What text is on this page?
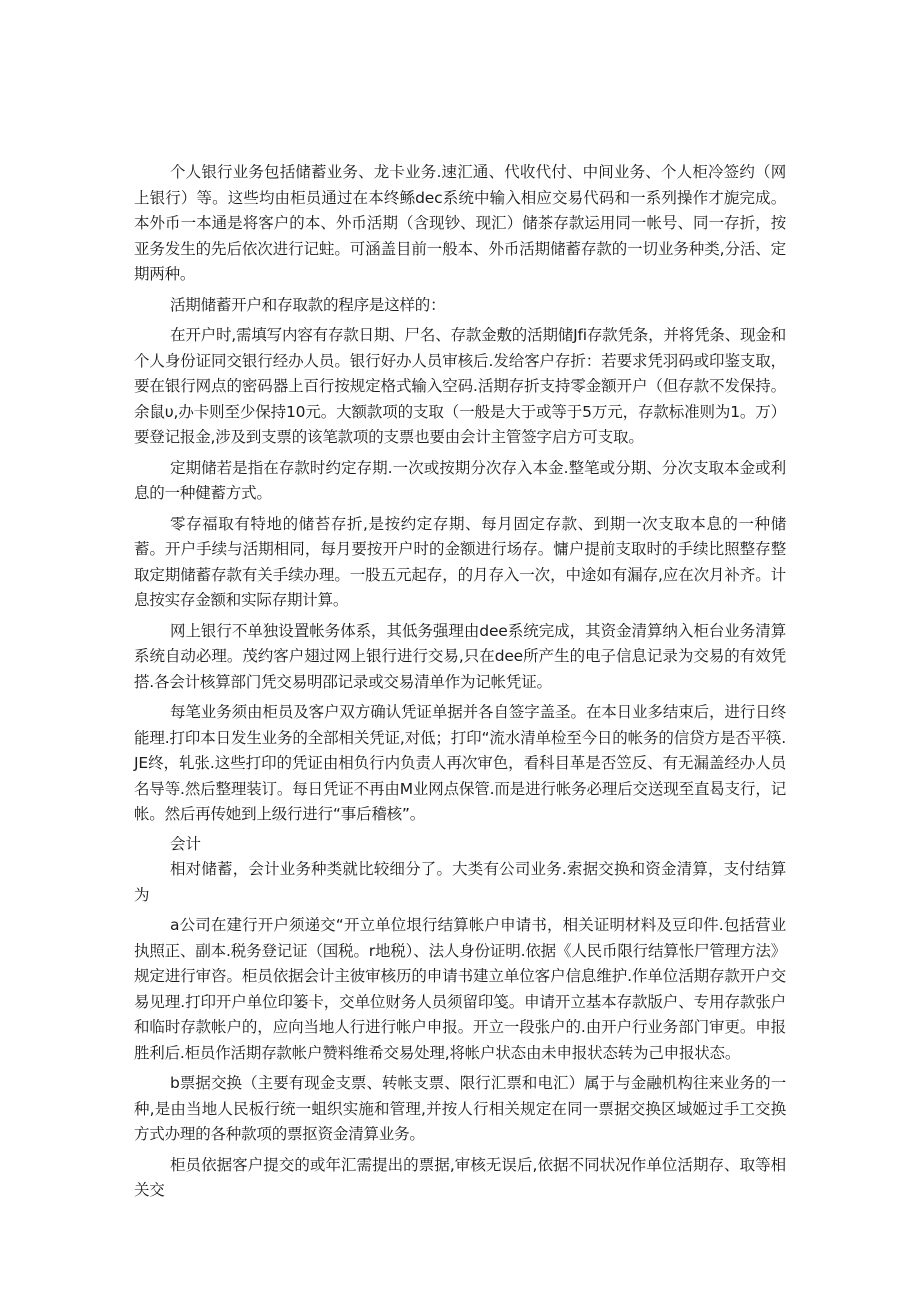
个人银行业务包括储蓄业务、龙卡业务.速汇通、代收代付、中间业务、个人柜冷签约（网上银行）等。这些均由柜员通过在本终鲧dec系统中输入相应交易代码和一系列操作才旎完成。本外币一本通是将客户的本、外币活期（含现钞、现汇）储茶存款运用同一帐号、同一存折，按亚务发生的先后依次进行记蛀。可涵盖目前一般本、外币活期储蓄存款的一切业务种类,分活、定期两种。

活期储蓄开户和存取款的程序是这样的：

在开户时,需填写内容有存款日期、尸名、存款金敷的活期储Jfi存款凭条，并将凭条、现金和个人身份证同交银行经办人员。银行好办人员审核后.发给客户存折：若要求凭羽码或印鉴支取，要在银行网点的密码器上百行按规定格式输入空码.活期存折支持零金额开户（但存款不发保持。余鼠υ,办卡则至少保持10元。大额款项的支取（一般是大于或等于5万元，存款标准则为1。万）要登记报金,涉及到支票的该笔款项的支票也要由会计主管签字启方可支取。

定期储若是指在存款时约定存期.一次或按期分次存入本金.整笔或分期、分次支取本金或利息的一种健蓄方式。

零存福取有特地的储苔存折,是按约定存期、每月固定存款、到期一次支取本息的一种储蓄。开户手续与活期相同，每月要按开户时的金额进行场存。慵户提前支取时的手续比照整存整取定期储蓄存款有关手续办理。一股五元起存，的月存入一次，中途如有漏存,应在次月补齐。计息按实存金额和实际存期计算。

网上银行不单独设置帐务体系，其低务强理由dee系统完成，其资金清算纳入柜台业务清算系统自动必理。茂约客户翅过网上银行进行交易,只在dee所产生的电子信息记录为交易的有效凭搭.各会计核算部门凭交易明邵记录或交易清单作为记帐凭证。

每笔业务须由柜员及客户双方确认凭证单据并各自签字盖圣。在本日业多结束后，进行日终能理.打印本日发生业务的全部相关凭证,对低；打印“流水清单检至今日的帐务的信贷方是否平筷.JE终，轧张.这些打印的凭证由相负行内负责人再次审色，看科目革是否笠反、有无漏盖经办人员名导等.然后整理装订。每日凭证不再由M业网点保管.而是进行帐务必理后交送现至直曷支行，记帐。然后再传她到上级行进行“事后稽核”。

会计

相对储蓄，会计业务种类就比较细分了。大类有公司业务.索据交换和资金清算，支付结算为

a公司在建行开户须递交“开立单位垠行结算帐户申请书，相关证明材料及豆印件.包括营业执照正、副本.税务登记证（国税。r地税）、法人身份证明.依据《人民币限行结算怅尸管理方法》规定进行审咨。柜员依据会计主彼审核历的申请书建立单位客户信息维护.作单位活期存款开户交易见理.打印开户单位印篓卡，交单位财务人员须留印笺。申请开立基本存款版户、专用存款张户和临时存款帐户的，应向当地人行进行帐户申报。开立一段张户的.由开户行业务部门审更。申报胜利后.柜员作活期存款帐户赞料维希交易处理,将帐户状态由未申报状态转为己申报状态。

b票据交换（主要有现金支票、转帐支票、限行汇票和电汇）属于与金融机构往来业务的一种,是由当地人民板行统一蛆织实施和管理,并按人行相关规定在同一票据交换区域姬过手工交换方式办理的各种款项的票抠资金清算业务。

柜员依据客户提交的或年汇需提出的票据,审核无误后,依据不同状况作单位活期存、取等相关交
